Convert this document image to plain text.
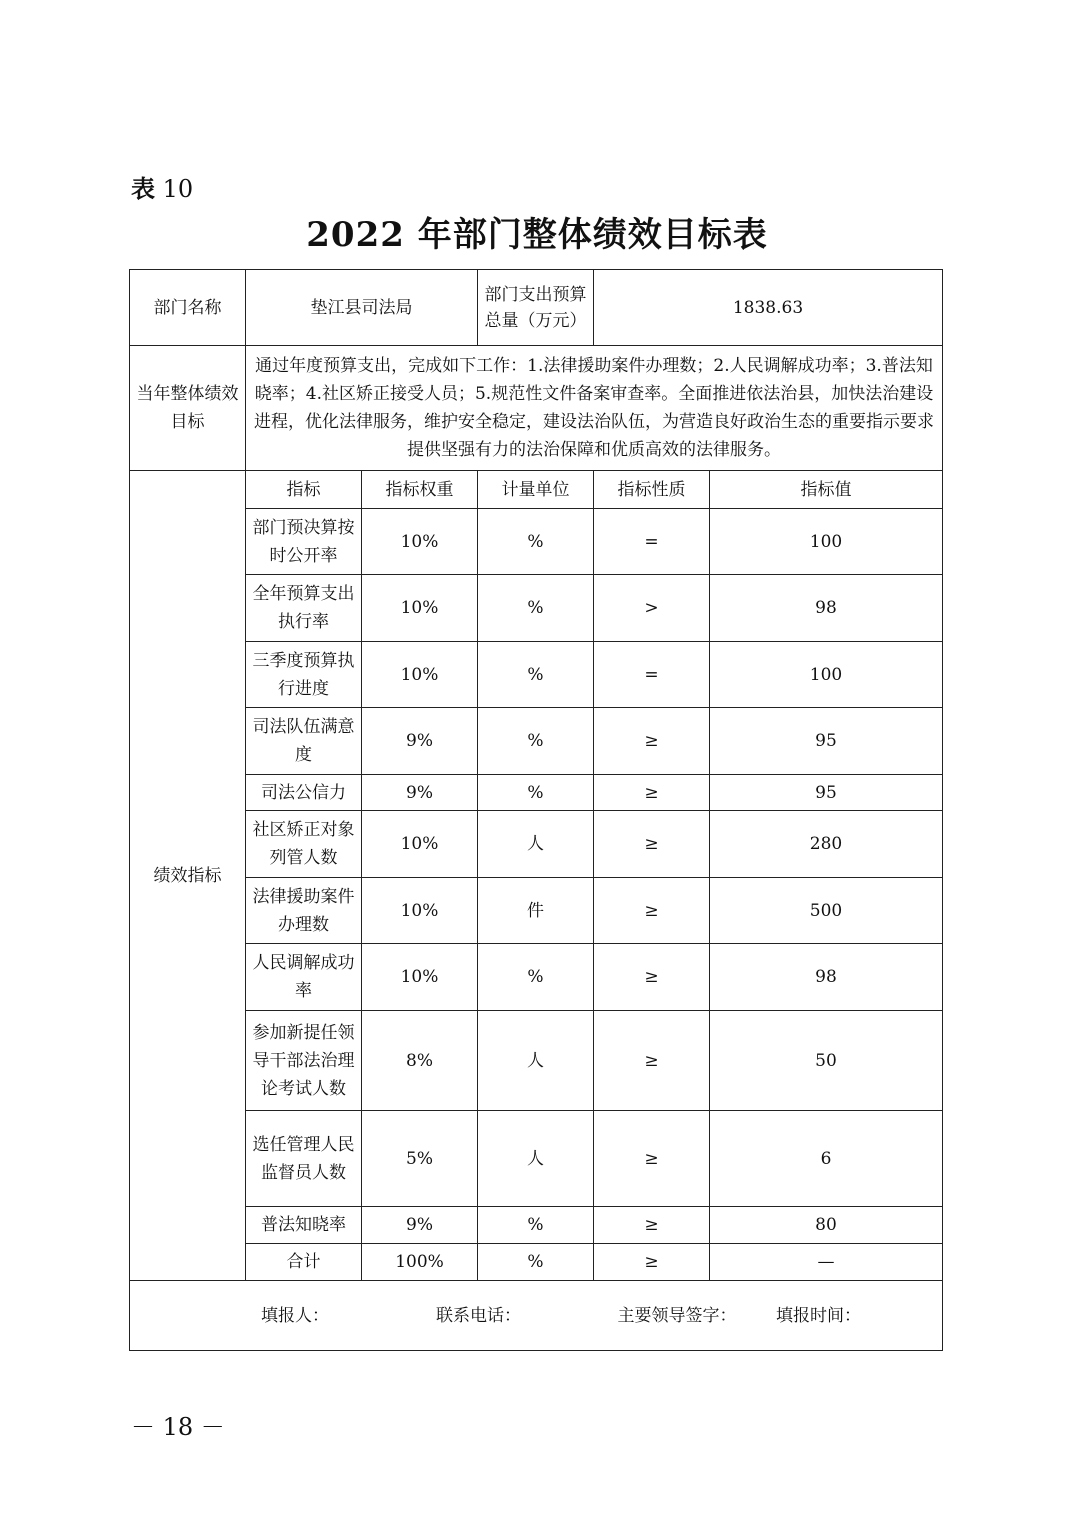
表 10
2022 年部门整体绩效目标表
部门名称	垫江县司法局		部门支出预算总量（万元）	1838.63	
当年整体绩效目标	通过年度预算支出，完成如下工作：1.法律援助案件办理数；2.人民调解成功率；3.普法知晓率；4.社区矫正接受人员；5.规范性文件备案审查率。全面推进依法治县，加快法治建设进程，优化法律服务，维护安全稳定，建设法治队伍，为营造良好政治生态的重要指示要求提供坚强有力的法治保障和优质高效的法律服务。				
绩效指标	指标	指标权重	计量单位	指标性质	指标值
	部门预决算按时公开率	10%	%	=	100
	全年预算支出执行率	10%	%	>	98
	三季度预算执行进度	10%	%	=	100
	司法队伍满意度	9%	%	≥	95
	司法公信力	9%	%	≥	95
	社区矫正对象列管人数	10%	人	≥	280
	法律援助案件办理数	10%	件	≥	500
	人民调解成功率	10%	%	≥	98
	参加新提任领导干部法治理论考试人数	8%	人	≥	50
	选任管理人民监督员人数	5%	人	≥	6
	普法知晓率	9%	%	≥	80
	合计	100%	%	≥	—
填报人： 联系电话： 主要领导签字： 填报时间：					
－ 18 －
